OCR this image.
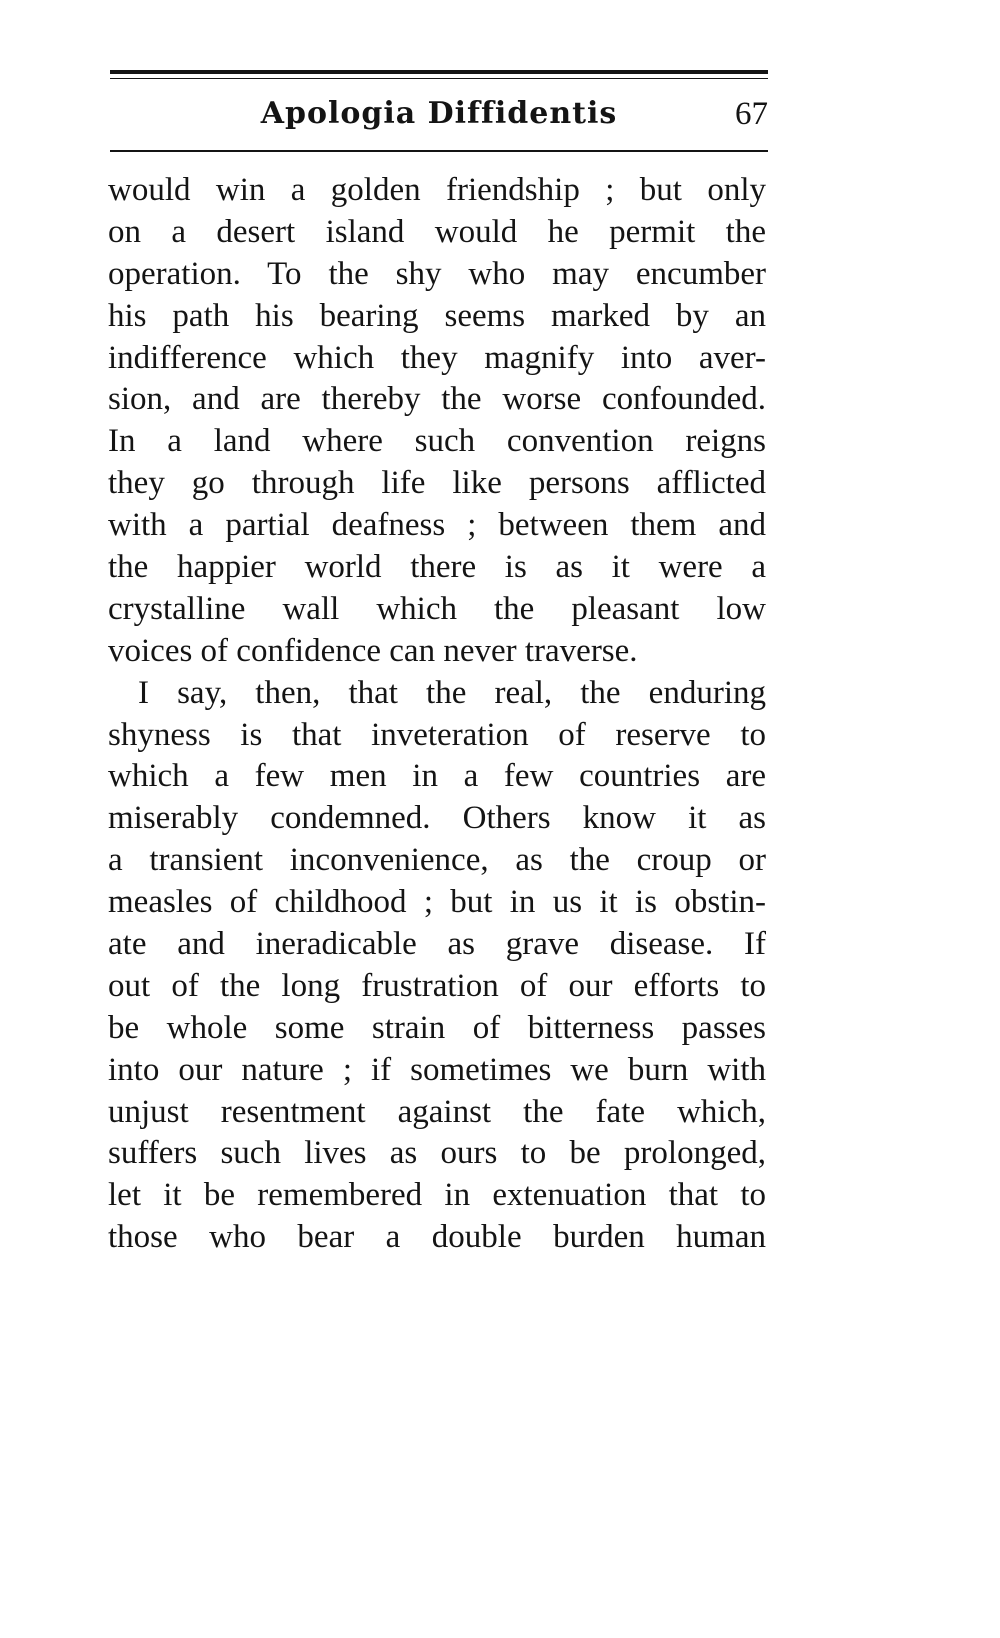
Apologia Diffidentis	67
would win a golden friendship ; but only
on a desert island would he permit the
operation. To the shy who may encumber
his path his bearing seems marked by an
indifference which they magnify into aver-
sion, and are thereby the worse confounded.
In a land where such convention reigns
they go through life like persons afflicted
with a partial deafness ; between them and
the happier world there is as it were a
crystalline wall which the pleasant low
voices of confidence can never traverse.
I say, then, that the real, the enduring
shyness is that inveteration of reserve to
which a few men in a few countries are
miserably condemned. Others know it as
a transient inconvenience, as the croup or
measles of childhood ; but in us it is obstin-
ate and ineradicable as grave disease. If
out of the long frustration of our efforts to
be whole some strain of bitterness passes
into our nature ; if sometimes we burn with
unjust resentment against the fate which,
suffers such lives as ours to be prolonged,
let it be remembered in extenuation that to
those who bear a double burden human
